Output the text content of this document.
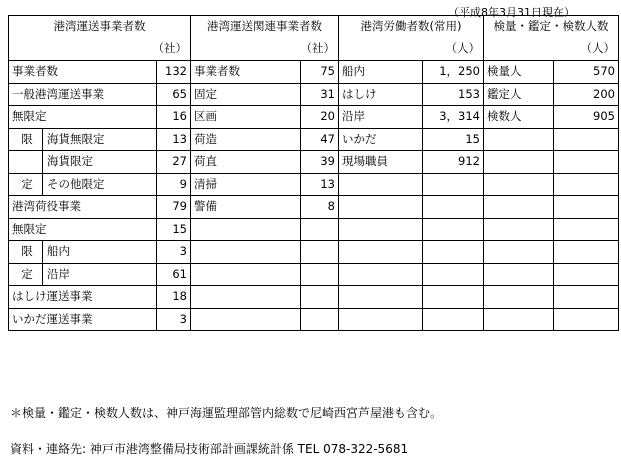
（平成8年3月31日現在）
港湾運送事業者数		港湾運送関連事業者数		港湾労働者数(常用)		検量・鑑定・検数人数	
（社）		（社）		（人）		（人）	
事業者数	132	事業者数	75	船内	1，250	検量人	570
一般港湾運送事業	65	固定	31	はしけ	153	鑑定人	200
無限定	16	区画	20	沿岸	3，314	検数人	905

限 海貨無限定	13	荷造	47	いかだ	15		

海貨限定	27	荷直	39	現場職員	912		

定 その他限定	9	清掃	13				
港湾荷役事業	79	警備	8				
無限定	15						

限 船内	3						

定 沿岸	61						
はしけ運送事業	18						
いかだ運送事業	3						
＊検量・鑑定・検数人数は、神戸海運監理部管内総数で尼崎西宮芦屋港も含む。
資料・連絡先: 神戸市港湾整備局技術部計画課統計係 TEL 078-322-5681
